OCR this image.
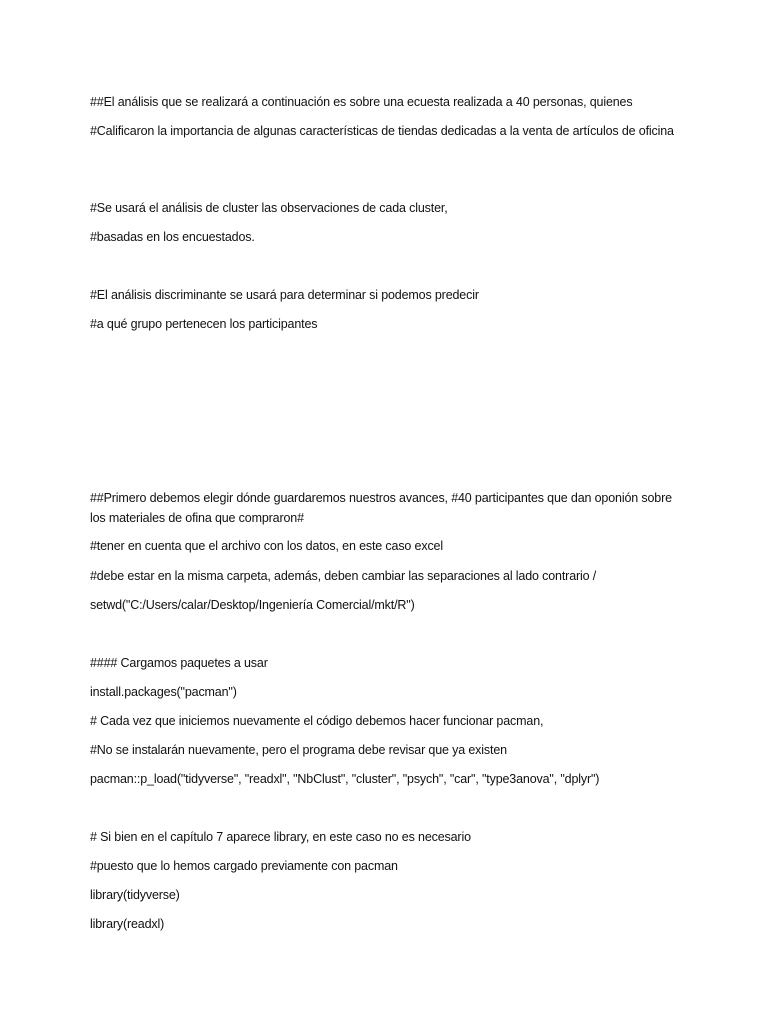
##El análisis que se realizará a continuación es sobre una ecuesta realizada a 40 personas, quienes
#Calificaron la importancia de algunas características de tiendas dedicadas a la venta de artículos de oficina
#Se usará el análisis de cluster las observaciones de cada cluster,
#basadas en los encuestados.
#El análisis discriminante se usará para determinar si podemos predecir
#a qué grupo pertenecen los participantes
##Primero debemos elegir dónde guardaremos nuestros avances, #40 participantes que dan oponión sobre los materiales de ofina que compraron#
#tener en cuenta que el archivo con los datos, en este caso excel
#debe estar en la misma carpeta, además, deben cambiar las separaciones al lado contrario /
setwd("C:/Users/calar/Desktop/Ingeniería Comercial/mkt/R")
#### Cargamos paquetes a usar
install.packages("pacman")
# Cada vez que iniciemos nuevamente el código debemos hacer funcionar pacman,
#No se instalarán nuevamente, pero el programa debe revisar que ya existen
pacman::p_load("tidyverse", "readxl", "NbClust", "cluster", "psych", "car", "type3anova", "dplyr")
# Si bien en el capítulo 7 aparece library, en este caso no es necesario
#puesto que lo hemos cargado previamente con pacman
library(tidyverse)
library(readxl)
